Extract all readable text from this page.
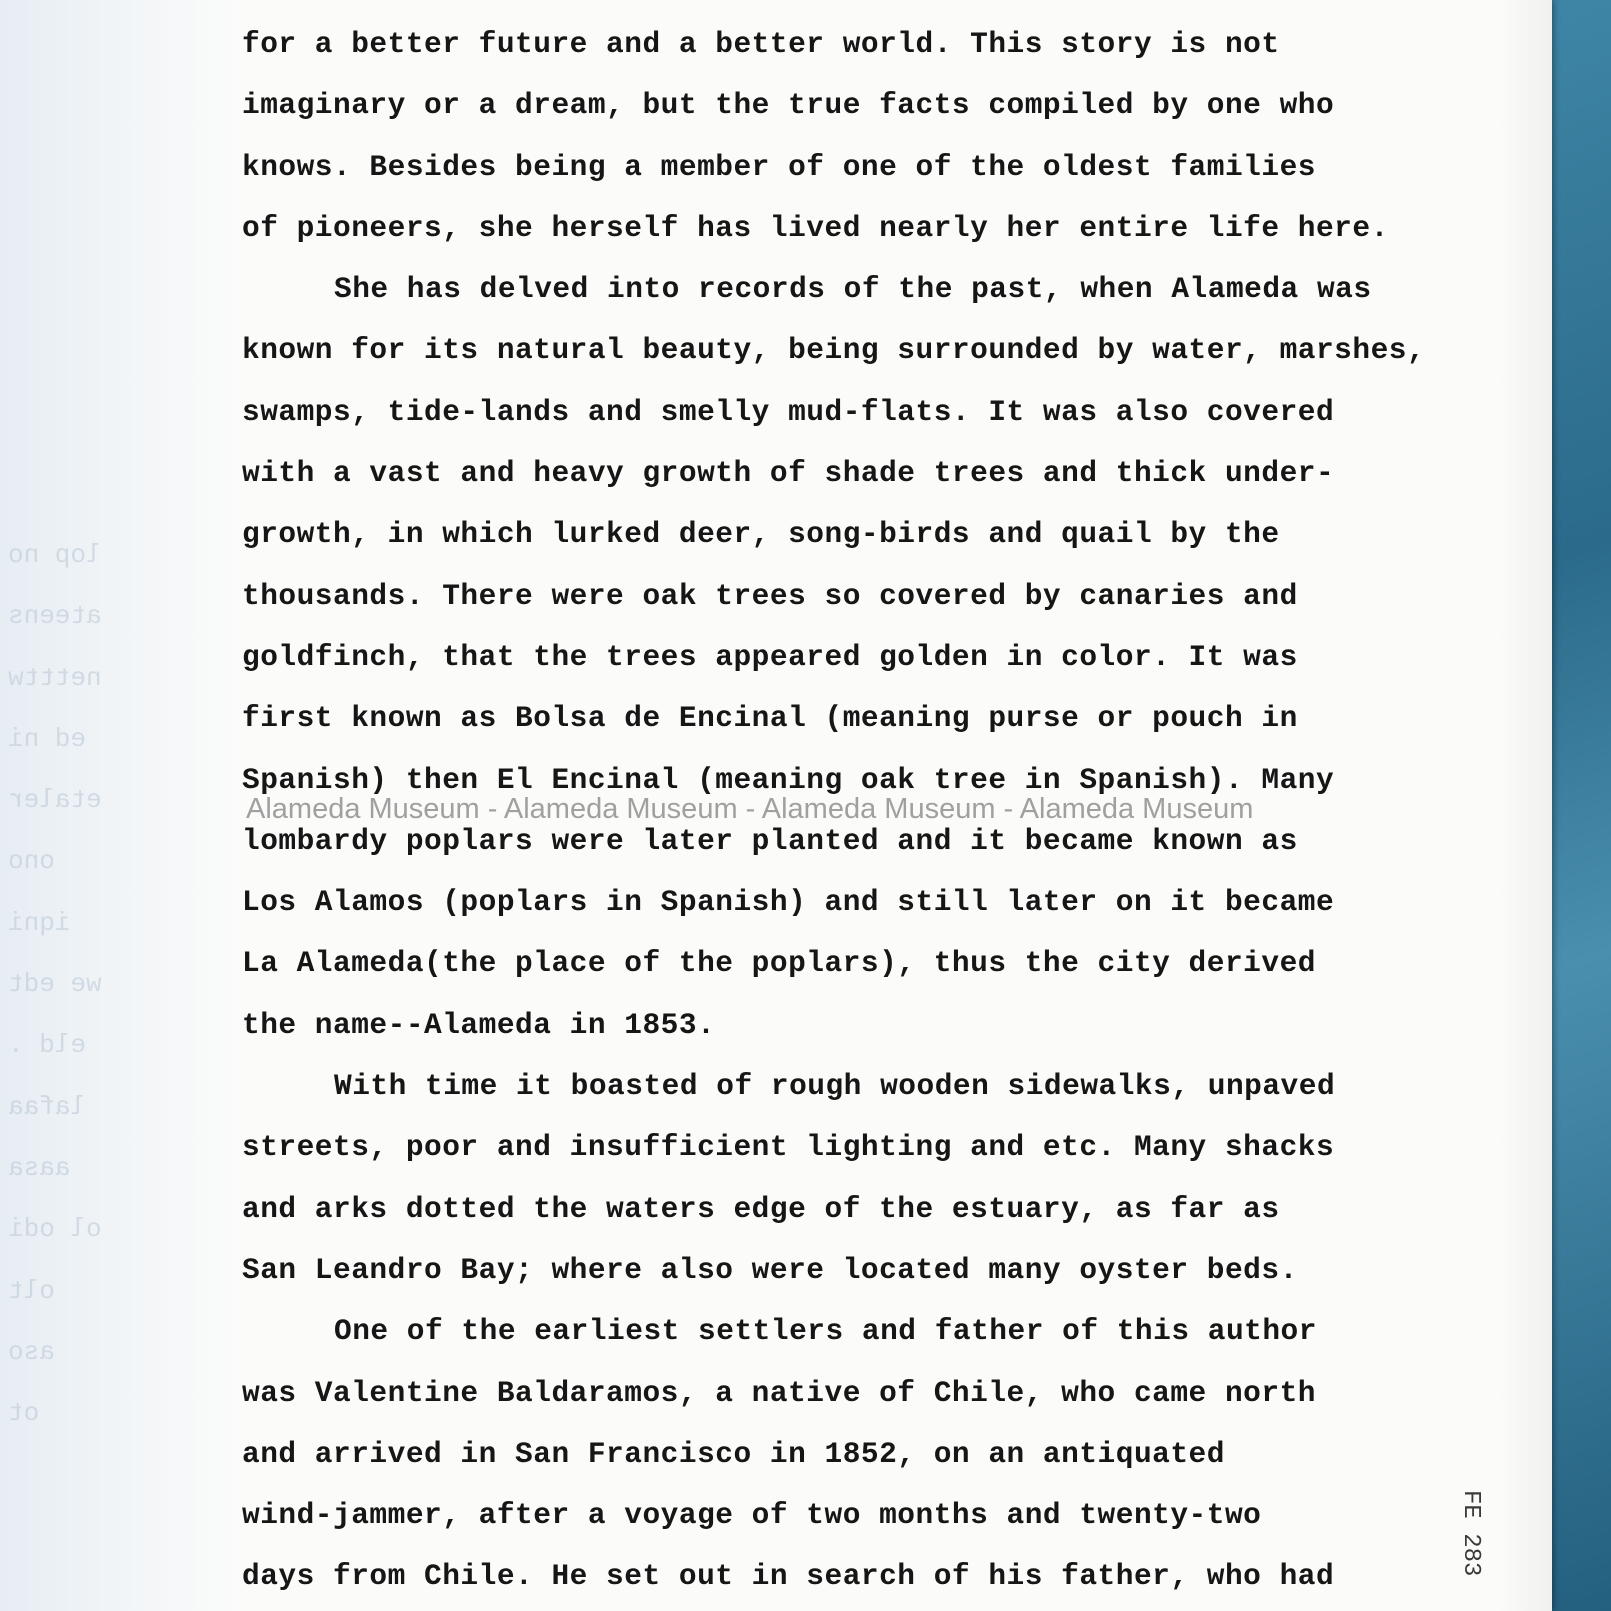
lop no
ateens
netttw
ed ni
etaler
ono
iqni
we edt
eld .
lafaa
aasa
ol odi
olt
aso
ot
for a better future and a better world. This story is not
imaginary or a dream, but the true facts compiled by one who
knows. Besides being a member of one of the oldest families
of pioneers, she herself has lived nearly her entire life here.
She has delved into records of the past, when Alameda was
known for its natural beauty, being surrounded by water, marshes,
swamps, tide-lands and smelly mud-flats. It was also covered
with a vast and heavy growth of shade trees and thick under-
growth, in which lurked deer, song-birds and quail by the
thousands. There were oak trees so covered by canaries and
goldfinch, that the trees appeared golden in color. It was
first known as Bolsa de Encinal (meaning purse or pouch in
Spanish) then El Encinal (meaning oak tree in Spanish). Many
lombardy poplars were later planted and it became known as
Los Alamos (poplars in Spanish) and still later on it became
La Alameda(the place of the poplars), thus the city derived
the name--Alameda in 1853.
With time it boasted of rough wooden sidewalks, unpaved
streets, poor and insufficient lighting and etc. Many shacks
and arks dotted the waters edge of the estuary, as far as
San Leandro Bay; where also were located many oyster beds.
One of the earliest settlers and father of this author
was Valentine Baldaramos, a native of Chile, who came north
and arrived in San Francisco in 1852, on an antiquated
wind-jammer, after a voyage of two months and twenty-two
days from Chile. He set out in search of his father, who had
Alameda Museum - Alameda Museum - Alameda Museum - Alameda Museum
FE 283
